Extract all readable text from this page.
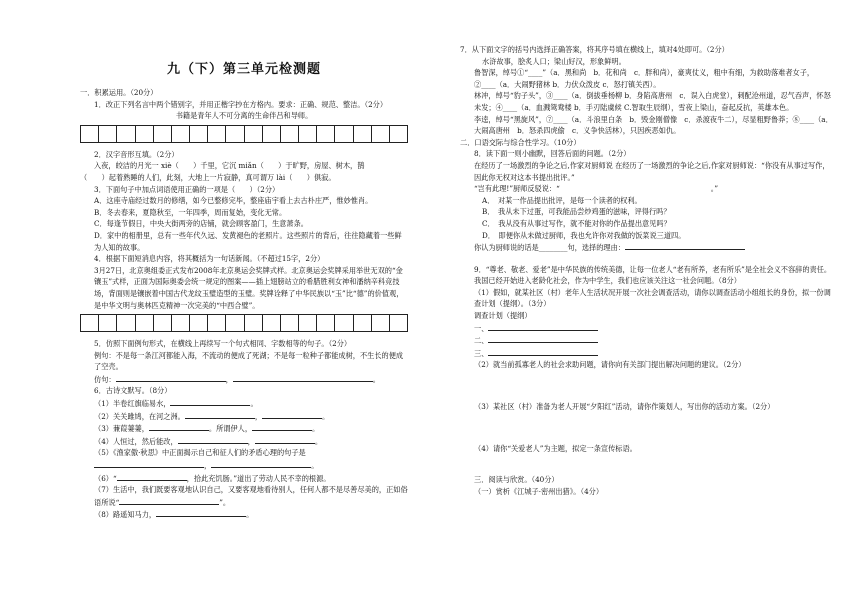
九（下）第三单元检测题

一．积累运用。（20分）

1．改正下列名言中两个错别字，并用正楷字抄在方格内。要求：正确、规范、整洁。（2分）

书籍是青年人不可分离的生命伴吕和导师。

2．汉字音形互填。（2分）

入夜，皎洁的月光一 xiè（　　）千里，它沉 miǎn（　　）于旷野，房屋、树木，鹊

（　　）起着熟睡的人们，此刻，大地上一片寂静，真可谓万 lài（　　）俱寂。

3．下面句子中加点词语使用正确的一项是（　　）（2分）

A．这座寺庙经过数月的修缮，如今已整修完毕，整座庙宇看上去古朴庄严，惟妙惟肖。

B．冬去春来，夏隐秋至，一年四季，周而复始，变化无常。

C．每逢节假日，中央大街两旁的店铺，就会顾客盈门，生意萧条。

D．家中的相册里，总有一些年代久远、发黄褪色的老照片。这些照片的背后，往往隐藏着一些鲜为人知的故事。

4．根据下面短消息内容，将其概括为一句话新闻。（不超过15字，2分）

3月27日，北京奥组委正式发布2008年北京奥运会奖牌式样。北京奥运会奖牌采用举世无双的“金镶玉”式样，正面为国际奥委会统一规定的图案——插上翅膀站立的希腊胜利女神和潘纳辛科竞技场，背面则是镶嵌着中国古代龙纹玉璧造型的玉璧。奖牌诠释了中华民族以“玉”比“德”的价值观，是中华文明与奥林匹克精神一次完美的“中西合璧”。

5．仿照下面例句形式，在横线上再续写一个句式相同、字数相等的句子。（2分）

例句：不是每一条江河都能入海，不流动的便成了死湖；不是每一粒种子都能成树，不生长的便成了空壳。

仿句：	，	。

6．古诗文默写。（8分）

（1）半卷红旗临易水，	。

（2）关关雎鸠，在河之洲。	，	。

（3）蒹葭萋萋，	。所谓伊人，	。

（4）人恒过，然后能改，	，	。

（5）《渔家傲·秋思》中正面揭示自己和征人们的矛盾心理的句子是，	。

（6）“	，拾此充饥肠。”道出了劳动人民不幸的根源。

（7）生活中，我们既要客观地认识自己，又要客观地看待别人，任何人都不是尽善尽美的，正如俗语所说“	”。

（8）路遥知马力，	。

7．从下面文字的括号内选择正确答案，将其序号填在横线上，填对4处即可。（2分）

水浒故事，脍炙人口；梁山好汉，形象鲜明。

鲁智深，绰号①“____”（a．黑和尚　b．花和尚　c．胖和尚），豪爽仗义，粗中有细，为救助落难者女子，②____（a．大闹野猪林 b．力伏众泼皮 c．怒打镇关西）。

林冲，绰号“豹子头”，③____（a．倒拔垂杨柳 b．身陷高唐州　c．误入白虎堂），刺配沧州道，忍气吞声，怀怒未发；④____（a．血溅鸳鸯楼 b．手刃陆虞候 C.智取生辰纲），雪夜上梁山，奋起反抗，英雄本色。

李逵，绰号“黑旋风”，⑦____（a．斗浪里白条　b．毁金刚僧像　c．杀渡夜牛二），尽显粗野鲁莽；⑧____（a．大闹高唐州　b．怒杀四虎偷　c．义争快活林），只因疾恶如仇。

二．口语交际与综合性学习。（10分）

8．读下面一则小幽默，回答后面的问题。（2分）

在经历了一场激烈的争论之后,作家对厨师说 在经历了一场激烈的争论之后,作家对厨师说：“你没有从事过写作，因此你无权对这本书提出批评。”

“岂有此理!”厨师反驳说：“　　　　　　　　　　　　　　　　　　　　　。”

A．　对某一作品提出批评，是每一个读者的权利。

B．　我从未下过蛋，可我能品尝炒鸡蛋的滋味，评得行吗？

C．　我从没有从事过写作，就不能对你的作品提出意见吗？

D．　即便你从未做过厨师，我也允许你对我做的饭菜说三道四。

你认为厨师说的话是________句，选择的理由：

9．“尊老、敬老、爱老”是中华民族的传统美德，让每一位老人“老有所养，老有所乐”是全社会义不容辞的责任。我国已经开始进入老龄化社会，作为中学生，我们也应该关注这一社会问题。（8分）

（1）假如，就某社区（村）老年人生活状况开展一次社会调查活动，请你以调查活动小组组长的身份，拟一份调查计划（提纲）。（3分）

调查计划（提纲）

一、

二、

三、

（2）就当前孤寡老人的社会求助问题，请你向有关部门提出解决问题的建议。（2分）

（3）某社区（村）准备为老人开展“夕阳红”活动，请你作策划人，写出你的活动方案。（2分）

（4）请你“关爱老人”为主题，拟定一条宣传标语。

三．阅读与欣赏。（40分）

（一）赏析《江城子·密州出猎》。（4分）
